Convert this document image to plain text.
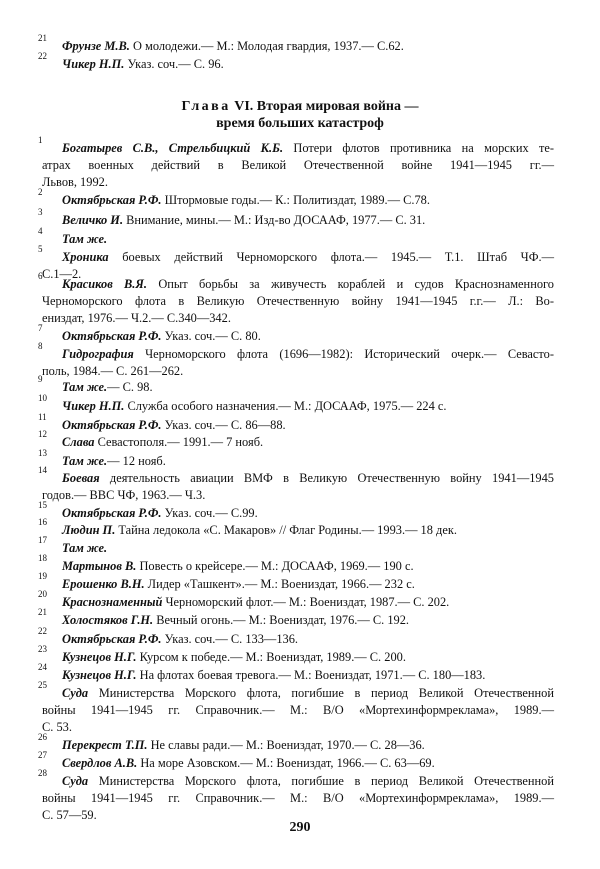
21
Фрунзе М.В. О молодежи.— М.: Молодая гвардия, 1937.— С.62.
22
Чикер Н.П. Указ. соч.— С. 96.
Глава VI. Вторая мировая война —
время больших катастроф
1
Богатырев С.В., Стрельбицкий К.Б. Потери флотов противника на морских те-
атрах военных действий в Великой Отечественной войне 1941—1945 гг.—
Львов, 1992.
2
Октябрьская Р.Ф. Штормовые годы.— К.: Политиздат, 1989.— С.78.
3
Величко И. Внимание, мины.— М.: Изд-во ДОСААФ, 1977.— С. 31.
4
Там же.
5
Хроника боевых действий Черноморского флота.— 1945.— Т.1. Штаб ЧФ.—
С.1—2.
6
Красиков В.Я. Опыт борьбы за живучесть кораблей и судов Краснознаменного
Черноморского флота в Великую Отечественную войну 1941—1945 г.г.— Л.: Во-
ениздат, 1976.— Ч.2.— С.340—342.
7
Октябрьская Р.Ф. Указ. соч.— С. 80.
8
Гидрография Черноморского флота (1696—1982): Исторический очерк.— Севасто-
поль, 1984.— С. 261—262.
9
Там же.— С. 98.
10
Чикер Н.П. Служба особого назначения.— М.: ДОСААФ, 1975.— 224 с.
11
Октябрьская Р.Ф. Указ. соч.— С. 86—88.
12
Слава Севастополя.— 1991.— 7 нояб.
13
Там же.— 12 нояб.
14
Боевая деятельность авиации ВМФ в Великую Отечественную войну 1941—1945
годов.— ВВС ЧФ, 1963.— Ч.3.
15
Октябрьская Р.Ф. Указ. соч.— С.99.
16
Людин П. Тайна ледокола «С. Макаров» // Флаг Родины.— 1993.— 18 дек.
17
Там же.
18
Мартынов В. Повесть о крейсере.— М.: ДОСААФ, 1969.— 190 с.
19
Ерошенко В.Н. Лидер «Ташкент».— М.: Воениздат, 1966.— 232 с.
20
Краснознаменный Черноморский флот.— М.: Воениздат, 1987.— С. 202.
21
Холостяков Г.Н. Вечный огонь.— М.: Воениздат, 1976.— С. 192.
22
Октябрьская Р.Ф. Указ. соч.— С. 133—136.
23
Кузнецов Н.Г. Курсом к победе.— М.: Воениздат, 1989.— С. 200.
24
Кузнецов Н.Г. На флотах боевая тревога.— М.: Воениздат, 1971.— С. 180—183.
25
Суда Министерства Морского флота, погибшие в период Великой Отечественной
войны 1941—1945 гг. Справочник.— М.: В/О «Мортехинформреклама», 1989.—
С. 53.
26
Перекрест Т.П. Не славы ради.— М.: Воениздат, 1970.— С. 28—36.
27
Свердлов А.В. На море Азовском.— М.: Воениздат, 1966.— С. 63—69.
28
Суда Министерства Морского флота, погибшие в период Великой Отечественной
войны 1941—1945 гг. Справочник.— М.: В/О «Мортехинформреклама», 1989.—
С. 57—59.
290
